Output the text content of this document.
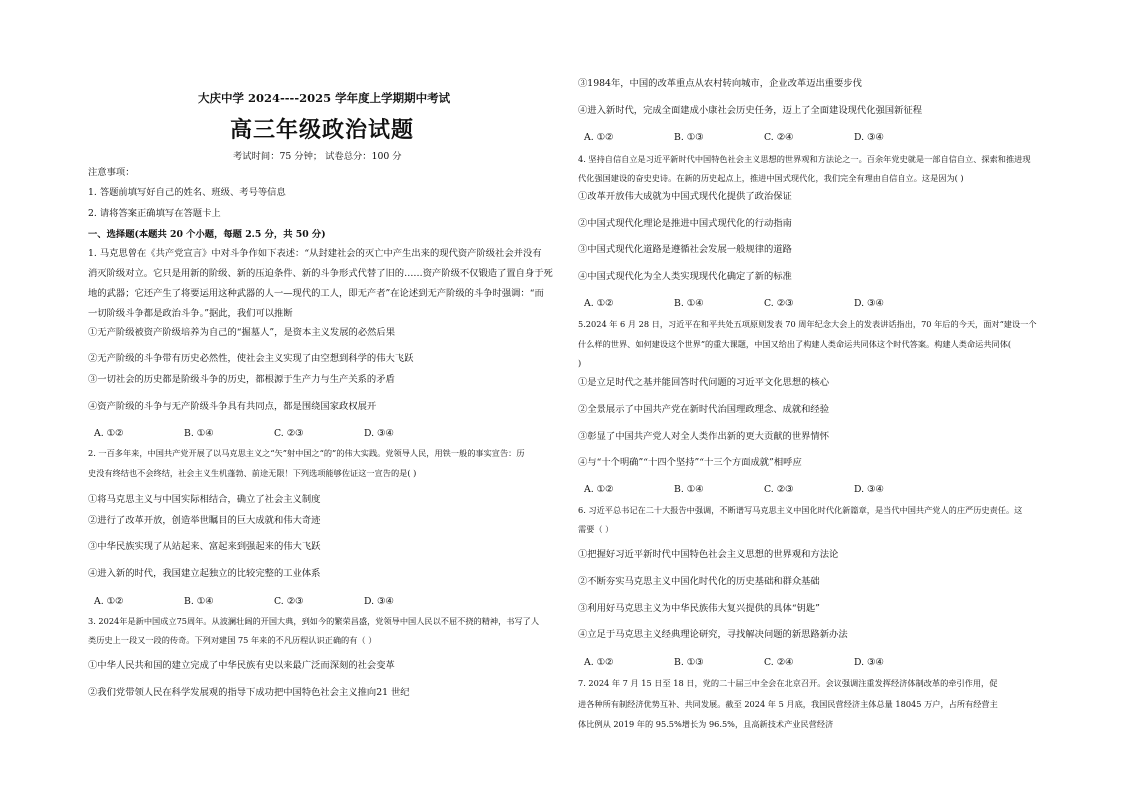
大庆中学 2024----2025 学年度上学期期中考试
高三年级政治试题
考试时间：75 分钟； 试卷总分：100 分
注意事项：
1. 答题前填写好自己的姓名、班级、考号等信息
2. 请将答案正确填写在答题卡上
一、选择题(本题共 20 个小题，每题 2.5 分，共 50 分)
1. 马克思曾在《共产党宣言》中对斗争作如下表述：“从封建社会的灭亡中产生出来的现代资产阶级社会并没有
消灭阶级对立。它只是用新的阶级、新的压迫条件、新的斗争形式代替了旧的……资产阶级不仅锻造了置自身于死
地的武器；它还产生了将要运用这种武器的人一—现代的工人，即无产者”在论述到无产阶级的斗争时强调：“而
一切阶级斗争都是政治斗争。”据此，我们可以推断
①无产阶级被资产阶级培养为自己的“掘墓人”，是资本主义发展的必然后果
②无产阶级的斗争带有历史必然性，使社会主义实现了由空想到科学的伟大飞跃
③一切社会的历史都是阶级斗争的历史，都根源于生产力与生产关系的矛盾
④资产阶级的斗争与无产阶级斗争具有共同点，都是围绕国家政权展开
A. ①②	B. ①④	C. ②③	D. ③④
2. 一百多年来，中国共产党开展了以马克思主义之“矢”射中国之“的”的伟大实践。党领导人民，用铁一般的事实宣告：历
史没有终结也不会终结，社会主义生机蓬勃、前途无限！下列选项能够佐证这一宣告的是( )
①将马克思主义与中国实际相结合，确立了社会主义制度
②进行了改革开放，创造举世瞩目的巨大成就和伟大奇迹
③中华民族实现了从站起来、富起来到强起来的伟大飞跃
④进入新的时代，我国建立起独立的比较完整的工业体系
A. ①②	B. ①④	C. ②③	D. ③④
3. 2024年是新中国成立75周年。从波澜壮阔的开国大典，到如今的繁荣昌盛，党领导中国人民以不屈不挠的精神，书写了人
类历史上一段又一段的传奇。下列对建国 75 年来的不凡历程认识正确的有（ ）
①中华人民共和国的建立完成了中华民族有史以来最广泛而深刻的社会变革
②我们党带领人民在科学发展观的指导下成功把中国特色社会主义推向21 世纪
③1984年，中国的改革重点从农村转向城市，企业改革迈出重要步伐
④进入新时代，完成全面建成小康社会历史任务，迈上了全面建设现代化强国新征程
A. ①②	B. ①③	C. ②④	D. ③④
4. 坚持自信自立是习近平新时代中国特色社会主义思想的世界观和方法论之一。百余年党史就是一部自信自立、探索和推进现
代化强国建设的奋史史诗。在新的历史起点上，推进中国式现代化，我们完全有理由自信自立。这是因为( )
①改革开放伟大成就为中国式现代化提供了政治保证
②中国式现代化理论是推进中国式现代化的行动指南
③中国式现代化道路是遵循社会发展一般规律的道路
④中国式现代化为全人类实现现代化确定了新的标准
A. ①②	B. ①④	C. ②③	D. ③④
5.2024 年 6 月 28 日，习近平在和平共处五项原则发表 70 周年纪念大会上的发表讲话指出，70 年后的今天，面对“建设一个
什么样的世界、如何建设这个世界”的重大课题，中国又给出了构建人类命运共同体这个时代答案。构建人类命运共同体(
)
①是立足时代之基并能回答时代问题的习近平文化思想的核心
②全景展示了中国共产党在新时代治国理政理念、成就和经验
③彰显了中国共产党人对全人类作出新的更大贡献的世界情怀
④与“十个明确”“十四个坚持”“十三个方面成就”相呼应
A. ①②	B. ①④	C. ②③	D. ③④
6. 习近平总书记在二十大报告中强调，不断谱写马克思主义中国化时代化新篇章，是当代中国共产党人的庄严历史责任。这
需要（ ）
①把握好习近平新时代中国特色社会主义思想的世界观和方法论
②不断夯实马克思主义中国化时代化的历史基础和群众基础
③利用好马克思主义为中华民族伟大复兴提供的具体“钥匙”
④立足于马克思主义经典理论研究，寻找解决问题的新思路新办法
A. ①②	B. ①③	C. ②④	D. ③④
7. 2024 年 7 月 15 日至 18 日，党的二十届三中全会在北京召开。会议强调注重发挥经济体制改革的牵引作用，促
进各种所有制经济优势互补、共同发展。截至 2024 年 5 月底，我国民营经济主体总量 18045 万户，占所有经营主
体比例从 2019 年的 95.5%增长为 96.5%，且高新技术产业民营经济
